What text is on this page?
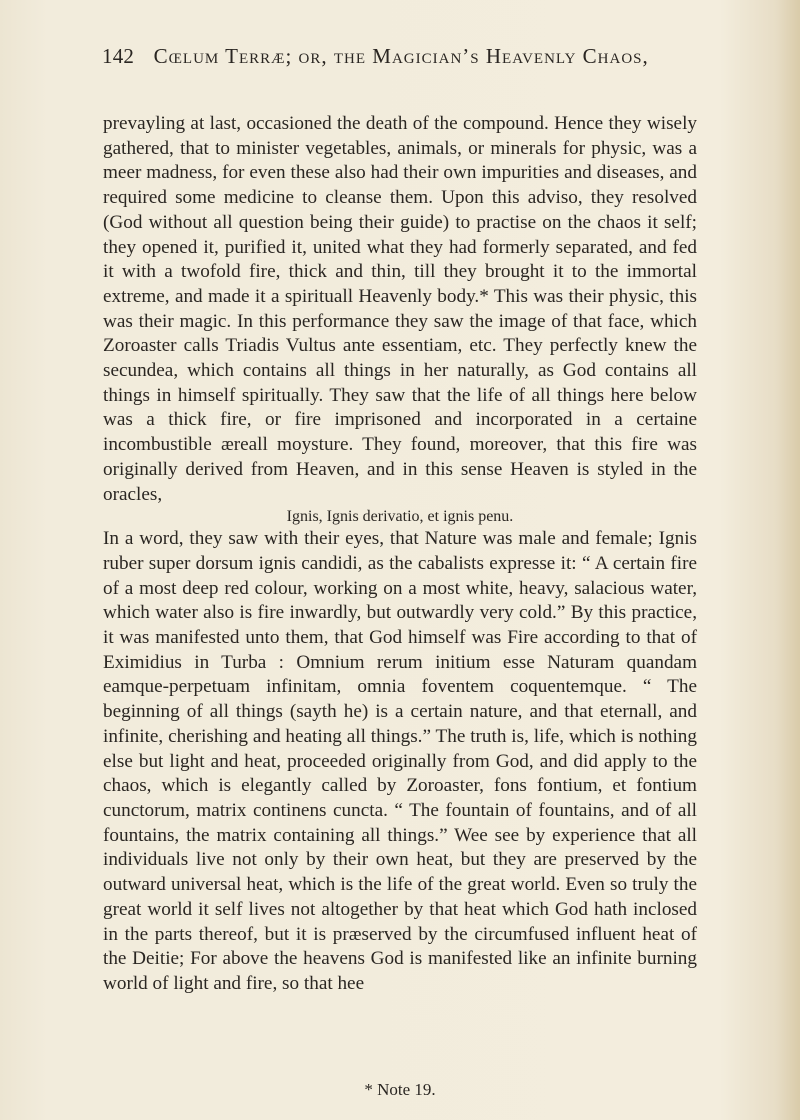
142 Cœlum Terræ; or, the Magician’s Heavenly Chaos,

prevayling at last, occasioned the death of the compound. Hence they wisely gathered, that to minister vegetables, animals, or minerals for physic, was a meer madness, for even these also had their own impurities and diseases, and required some medicine to cleanse them. Upon this adviso, they resolved (God without all question being their guide) to practise on the chaos it self; they opened it, purified it, united what they had formerly separated, and fed it with a twofold fire, thick and thin, till they brought it to the immortal extreme, and made it a spirituall Heavenly body.* This was their physic, this was their magic. In this performance they saw the image of that face, which Zoroaster calls Triadis Vultus ante essentiam, etc. They perfectly knew the secundea, which contains all things in her naturally, as God contains all things in himself spiritually. They saw that the life of all things here below was a thick fire, or fire imprisoned and incorporated in a certaine incombustible æreall moysture. They found, moreover, that this fire was originally derived from Heaven, and in this sense Heaven is styled in the oracles,

Ignis, Ignis derivatio, et ignis penu.

In a word, they saw with their eyes, that Nature was male and female; Ignis ruber super dorsum ignis candidi, as the cabalists expresse it: “ A certain fire of a most deep red colour, working on a most white, heavy, salacious water, which water also is fire inwardly, but outwardly very cold.” By this practice, it was manifested unto them, that God himself was Fire according to that of Eximidius in Turba : Omnium rerum initium esse Naturam quandam eamque-perpetuam infinitam, omnia foventem coquentemque. “ The beginning of all things (sayth he) is a certain nature, and that eternall, and infinite, cherishing and heating all things.” The truth is, life, which is nothing else but light and heat, proceeded originally from God, and did apply to the chaos, which is elegantly called by Zoroaster, fons fontium, et fontium cunctorum, matrix continens cuncta. “ The fountain of fountains, and of all fountains, the matrix containing all things.” Wee see by experience that all individuals live not only by their own heat, but they are preserved by the outward universal heat, which is the life of the great world. Even so truly the great world it self lives not altogether by that heat which God hath inclosed in the parts thereof, but it is præserved by the circumfused influent heat of the Deitie; For above the heavens God is manifested like an infinite burning world of light and fire, so that hee

* Note 19.
